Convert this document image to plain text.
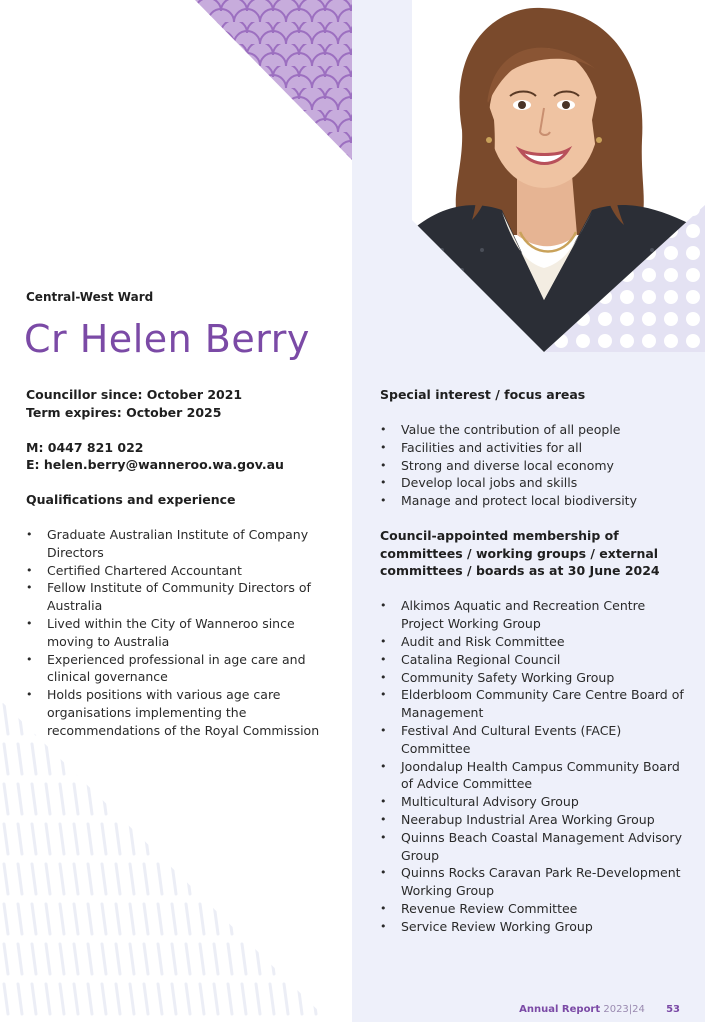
Central-West Ward
Cr Helen Berry
Councillor since: October 2021
Term expires: October 2025
M: 0447 821 022
E: helen.berry@wanneroo.wa.gov.au
Qualifications and experience
• Graduate Australian Institute of Company Directors
• Certified Chartered Accountant
• Fellow Institute of Community Directors of Australia
• Lived within the City of Wanneroo since moving to Australia
• Experienced professional in age care and clinical governance
• Holds positions with various age care organisations implementing the recommendations of the Royal Commission
Special interest / focus areas
• Value the contribution of all people
• Facilities and activities for all
• Strong and diverse local economy
• Develop local jobs and skills
• Manage and protect local biodiversity
Council-appointed membership of committees / working groups / external committees / boards as at 30 June 2024
• Alkimos Aquatic and Recreation Centre Project Working Group
• Audit and Risk Committee
• Catalina Regional Council
• Community Safety Working Group
• Elderbloom Community Care Centre Board of Management
• Festival And Cultural Events (FACE) Committee
• Joondalup Health Campus Community Board of Advice Committee
• Multicultural Advisory Group
• Neerabup Industrial Area Working Group
• Quinns Beach Coastal Management Advisory Group
• Quinns Rocks Caravan Park Re-Development Working Group
• Revenue Review Committee
• Service Review Working Group
Annual Report 2023|24 53
